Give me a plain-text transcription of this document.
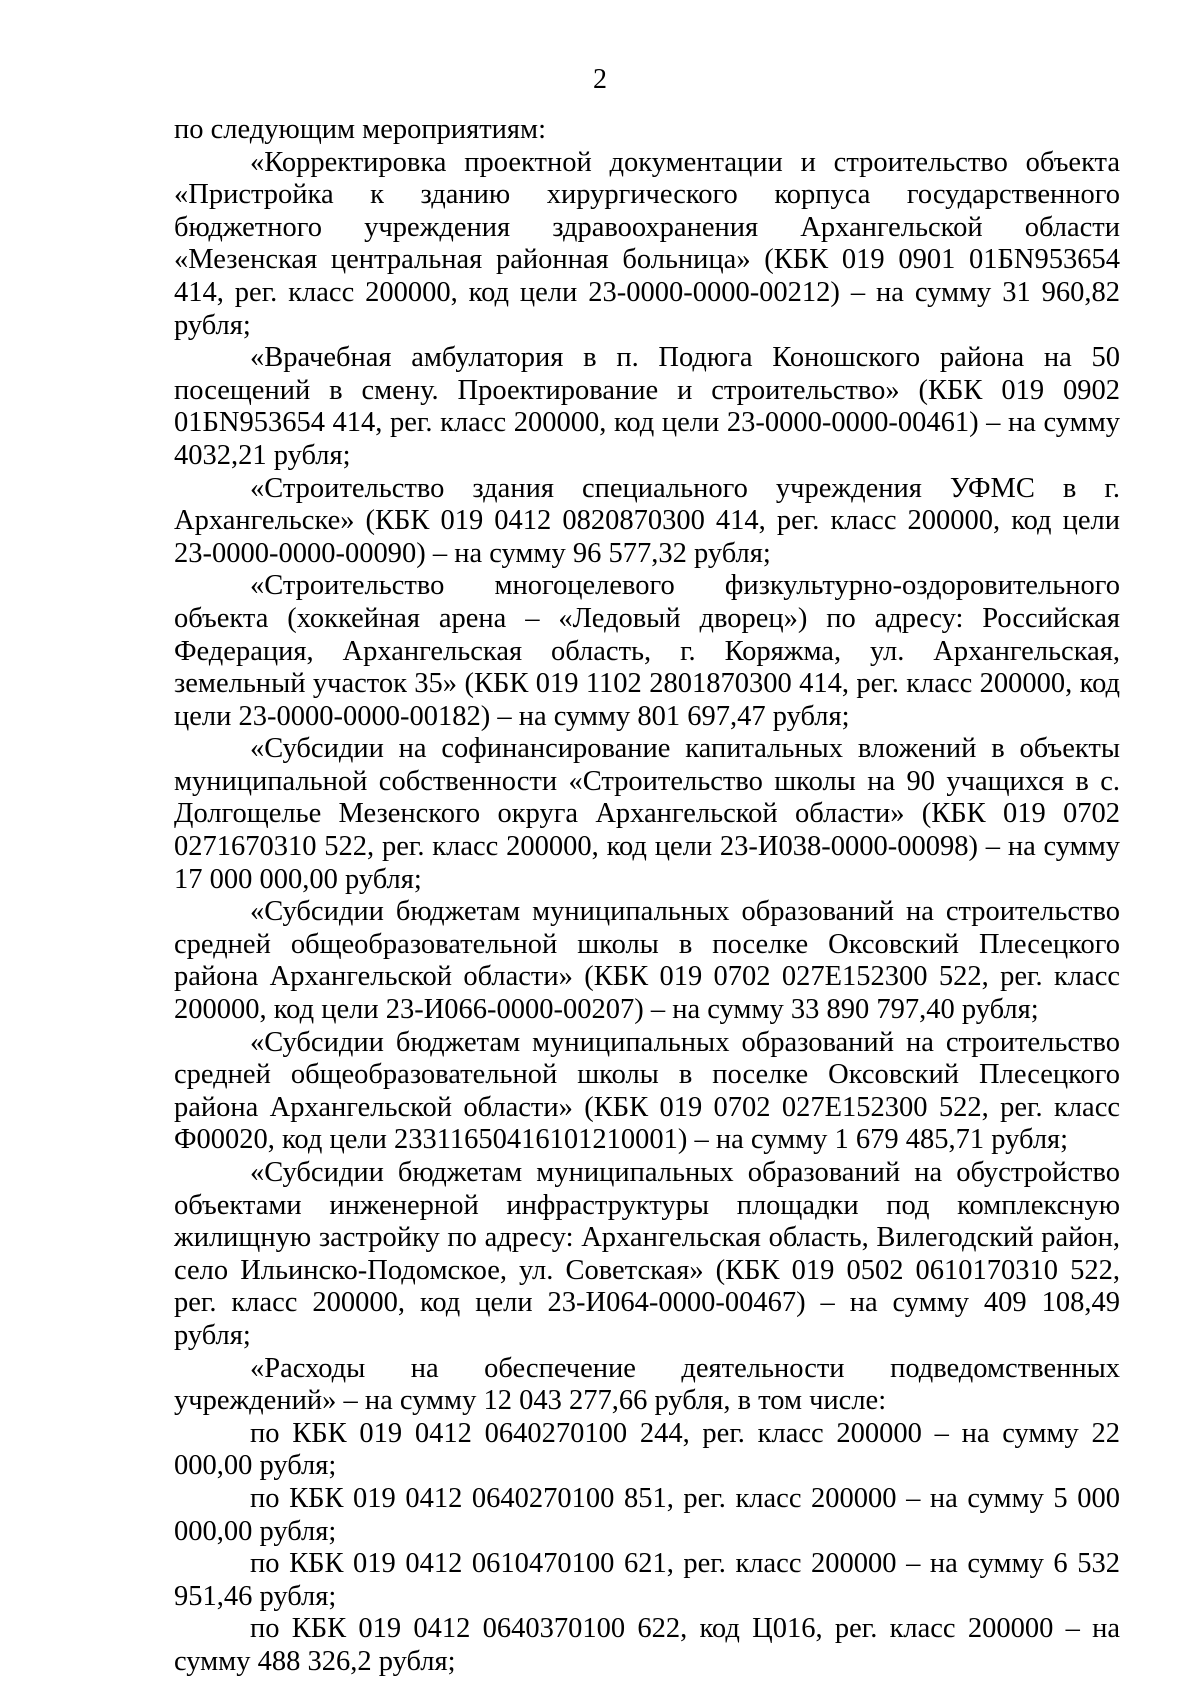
2

по следующим мероприятиям:

«Корректировка проектной документации и строительство объекта «Пристройка к зданию хирургического корпуса государственного бюджетного учреждения здравоохранения Архангельской области «Мезенская центральная районная больница» (КБК 019 0901 01БN953654 414, рег. класс 200000, код цели 23-0000-0000-00212) – на сумму 31 960,82 рубля;

«Врачебная амбулатория в п. Подюга Коношского района на 50 посещений в смену. Проектирование и строительство» (КБК 019 0902 01БN953654 414, рег. класс 200000, код цели 23-0000-0000-00461) – на сумму 4032,21 рубля;

«Строительство здания специального учреждения УФМС в г. Архангельске» (КБК 019 0412 0820870300 414, рег. класс 200000, код цели 23-0000-0000-00090) – на сумму 96 577,32 рубля;

«Строительство многоцелевого физкультурно-оздоровительного объекта (хоккейная арена – «Ледовый дворец») по адресу: Российская Федерация, Архангельская область, г. Коряжма, ул. Архангельская, земельный участок 35» (КБК 019 1102 2801870300 414, рег. класс 200000, код цели 23-0000-0000-00182) – на сумму 801 697,47 рубля;

«Субсидии на софинансирование капитальных вложений в объекты муниципальной собственности «Строительство школы на 90 учащихся в с. Долгощелье Мезенского округа Архангельской области» (КБК 019 0702 0271670310 522, рег. класс 200000, код цели 23-И038-0000-00098) – на сумму 17 000 000,00 рубля;

«Субсидии бюджетам муниципальных образований на строительство средней общеобразовательной школы в поселке Оксовский Плесецкого района Архангельской области» (КБК 019 0702 027Е152300 522, рег. класс 200000, код цели 23-И066-0000-00207) – на сумму 33 890 797,40 рубля;

«Субсидии бюджетам муниципальных образований на строительство средней общеобразовательной школы в поселке Оксовский Плесецкого района Архангельской области» (КБК 019 0702 027Е152300 522, рег. класс Ф00020, код цели 23311650416101210001) – на сумму 1 679 485,71 рубля;

«Субсидии бюджетам муниципальных образований на обустройство объектами инженерной инфраструктуры площадки под комплексную жилищную застройку по адресу: Архангельская область, Вилегодский район, село Ильинско-Подомское, ул. Советская» (КБК 019 0502 0610170310 522, рег. класс 200000, код цели 23-И064-0000-00467) – на сумму 409 108,49 рубля;

«Расходы на обеспечение деятельности подведомственных учреждений» – на сумму 12 043 277,66 рубля, в том числе:

по КБК 019 0412 0640270100 244, рег. класс 200000 – на сумму 22 000,00 рубля;

по КБК 019 0412 0640270100 851, рег. класс 200000 – на сумму 5 000 000,00 рубля;

по КБК 019 0412 0610470100 621, рег. класс 200000 – на сумму 6 532 951,46 рубля;

по КБК 019 0412 0640370100 622, код Ц016, рег. класс 200000 – на сумму 488 326,2 рубля;
